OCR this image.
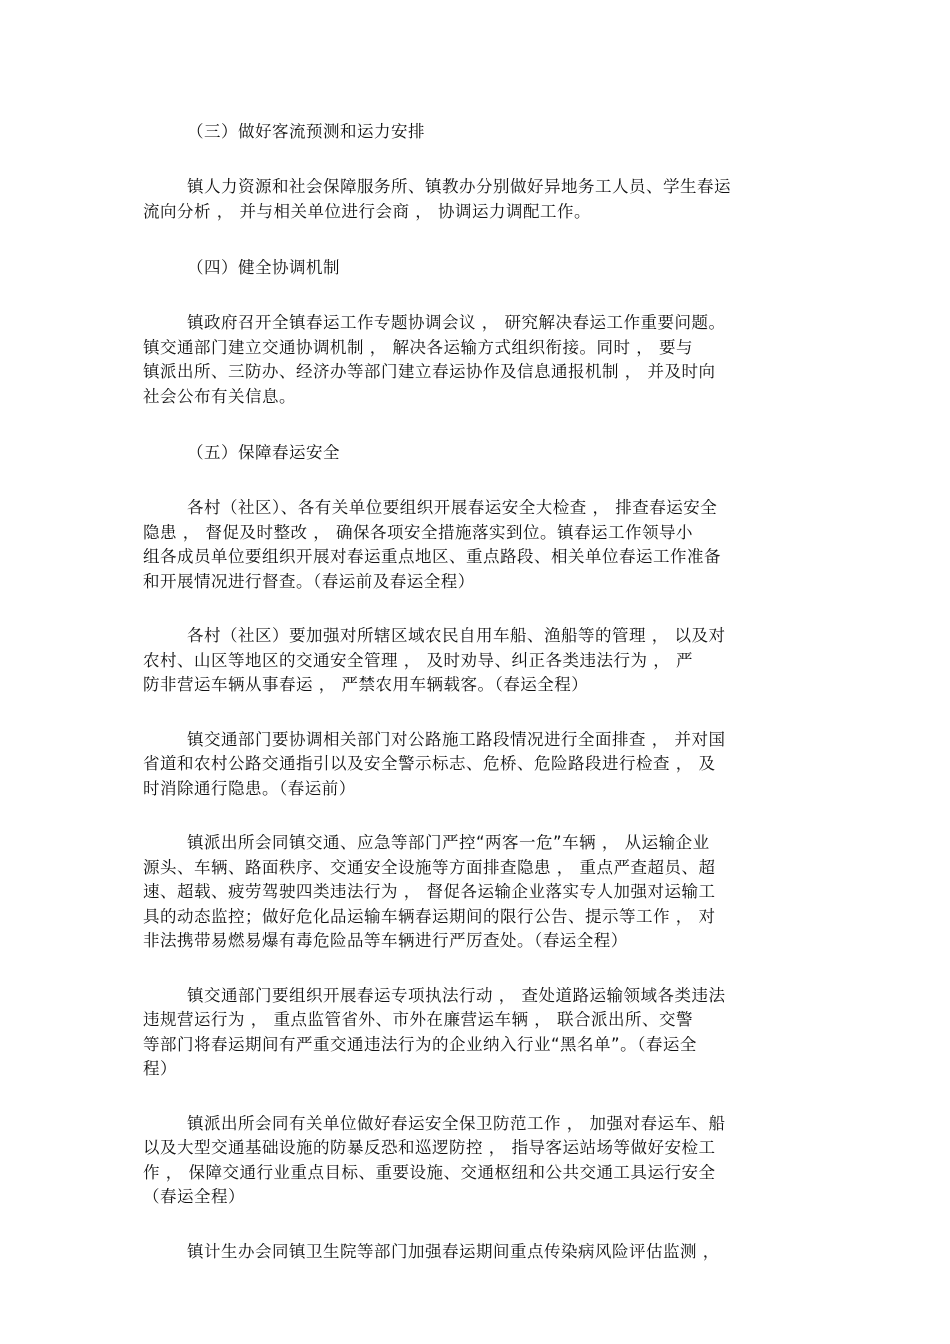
（三）做好客流预测和运力安排
镇人力资源和社会保障服务所、镇教办分别做好异地务工人员、学生春运
流向分析 ， 并与相关单位进行会商 ， 协调运力调配工作。
（四）健全协调机制
镇政府召开全镇春运工作专题协调会议 ， 研究解决春运工作重要问题。
镇交通部门建立交通协调机制 ， 解决各运输方式组织衔接。同时 ， 要与
镇派出所、三防办、经济办等部门建立春运协作及信息通报机制 ， 并及时向
社会公布有关信息。
（五）保障春运安全
各村（社区）、各有关单位要组织开展春运安全大检查 ， 排查春运安全
隐患 ， 督促及时整改 ， 确保各项安全措施落实到位。镇春运工作领导小
组各成员单位要组织开展对春运重点地区、重点路段、相关单位春运工作准备
和开展情况进行督查。（春运前及春运全程）
各村（社区）要加强对所辖区域农民自用车船、渔船等的管理 ， 以及对
农村、山区等地区的交通安全管理 ， 及时劝导、纠正各类违法行为 ， 严
防非营运车辆从事春运 ， 严禁农用车辆载客。（春运全程）
镇交通部门要协调相关部门对公路施工路段情况进行全面排查 ， 并对国
省道和农村公路交通指引以及安全警示标志、危桥、危险路段进行检查 ， 及
时消除通行隐患。（春运前）
镇派出所会同镇交通、应急等部门严控“两客一危”车辆 ， 从运输企业
源头、车辆、路面秩序、交通安全设施等方面排查隐患 ， 重点严查超员、超
速、超载、疲劳驾驶四类违法行为 ， 督促各运输企业落实专人加强对运输工
具的动态监控；做好危化品运输车辆春运期间的限行公告、提示等工作 ， 对
非法携带易燃易爆有毒危险品等车辆进行严厉查处。（春运全程）
镇交通部门要组织开展春运专项执法行动 ， 查处道路运输领域各类违法
违规营运行为 ， 重点监管省外、市外在廉营运车辆 ， 联合派出所、交警
等部门将春运期间有严重交通违法行为的企业纳入行业“黑名单”。（春运全
程）
镇派出所会同有关单位做好春运安全保卫防范工作 ， 加强对春运车、船
以及大型交通基础设施的防暴反恐和巡逻防控 ， 指导客运站场等做好安检工
作 ， 保障交通行业重点目标、重要设施、交通枢纽和公共交通工具运行安全
（春运全程）
镇计生办会同镇卫生院等部门加强春运期间重点传染病风险评估监测 ，
